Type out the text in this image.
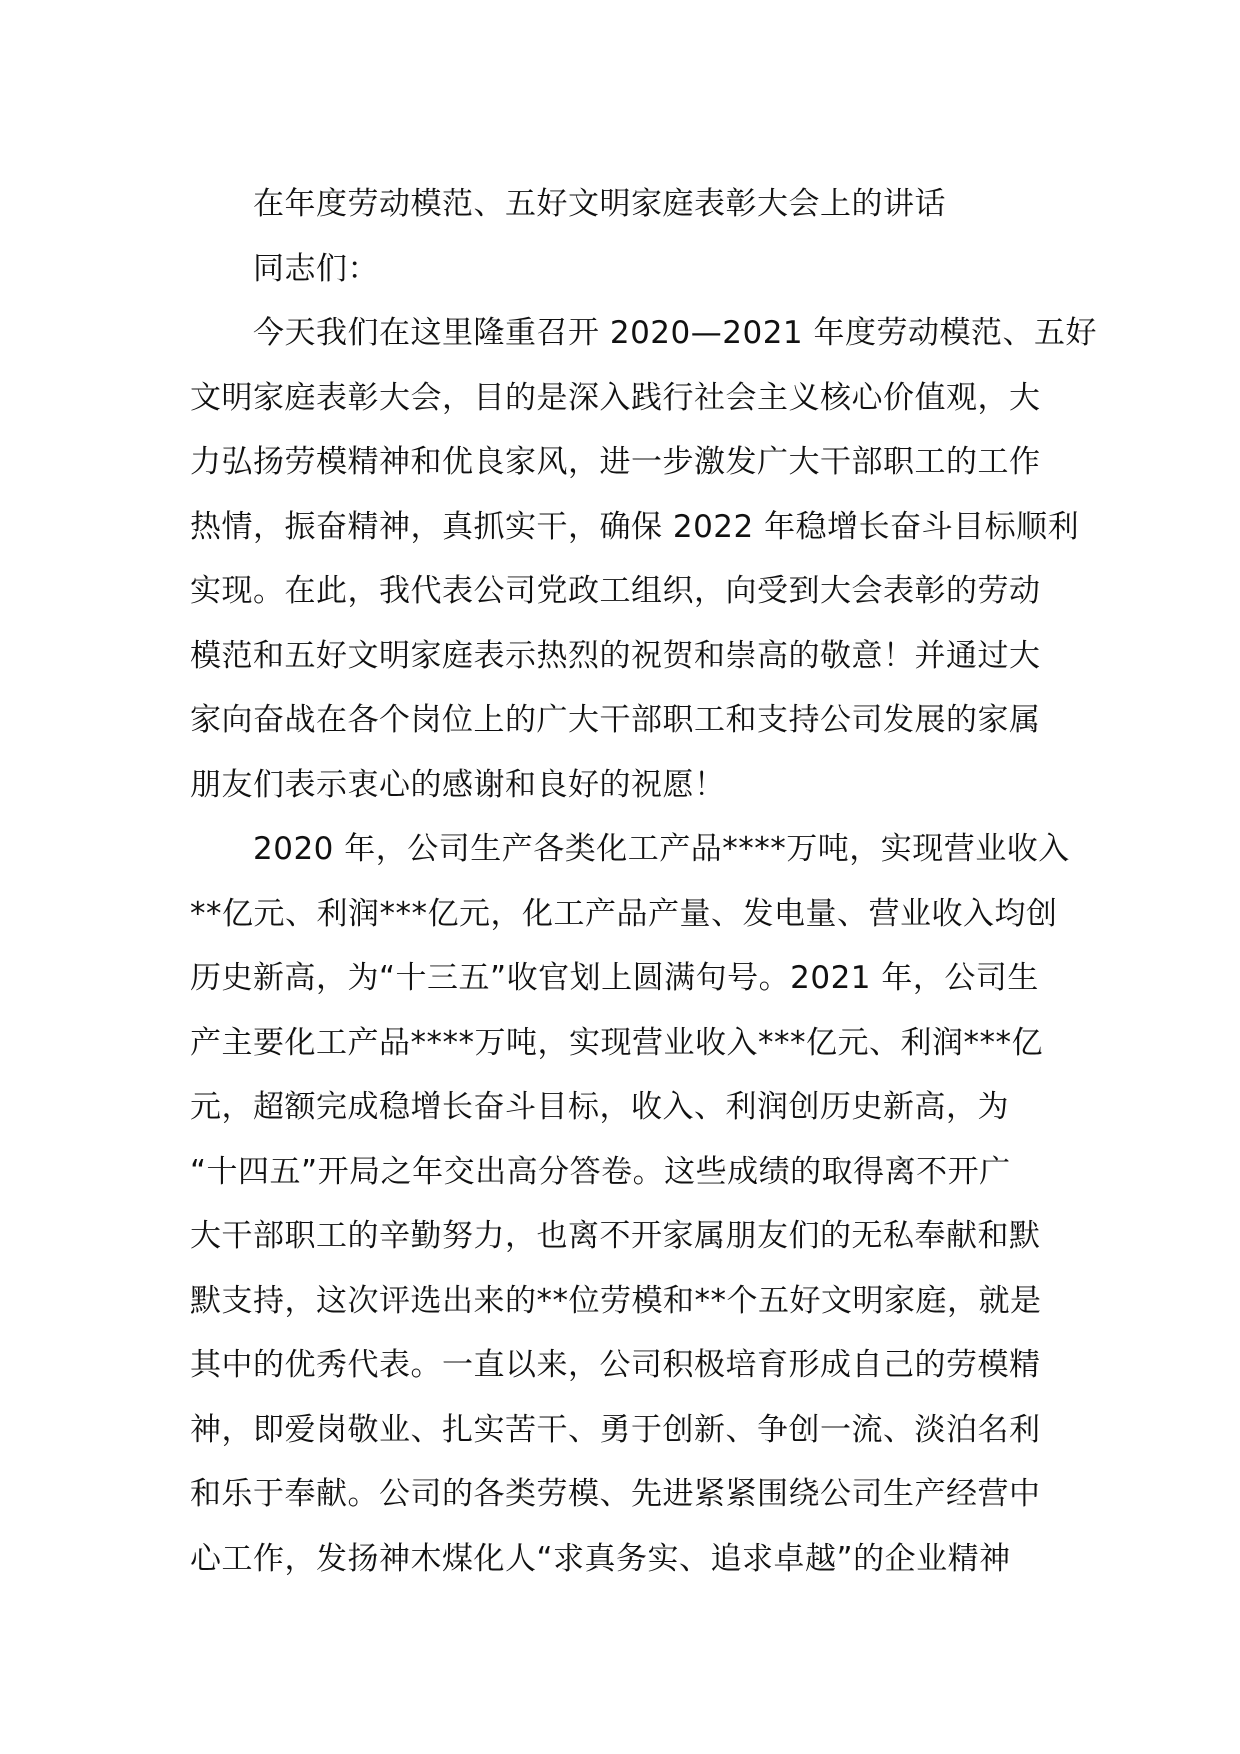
在年度劳动模范、五好文明家庭表彰大会上的讲话
同志们：
今天我们在这里隆重召开 2020—2021 年度劳动模范、五好
文明家庭表彰大会，目的是深入践行社会主义核心价值观，大
力弘扬劳模精神和优良家风，进一步激发广大干部职工的工作
热情，振奋精神，真抓实干，确保 2022 年稳增长奋斗目标顺利
实现。在此，我代表公司党政工组织，向受到大会表彰的劳动
模范和五好文明家庭表示热烈的祝贺和崇高的敬意！并通过大
家向奋战在各个岗位上的广大干部职工和支持公司发展的家属
朋友们表示衷心的感谢和良好的祝愿！
2020 年，公司生产各类化工产品****万吨，实现营业收入
**亿元、利润***亿元，化工产品产量、发电量、营业收入均创
历史新高，为“十三五”收官划上圆满句号。2021 年，公司生
产主要化工产品****万吨，实现营业收入***亿元、利润***亿
元，超额完成稳增长奋斗目标，收入、利润创历史新高，为
“十四五”开局之年交出高分答卷。这些成绩的取得离不开广
大干部职工的辛勤努力，也离不开家属朋友们的无私奉献和默
默支持，这次评选出来的**位劳模和**个五好文明家庭，就是
其中的优秀代表。一直以来，公司积极培育形成自己的劳模精
神，即爱岗敬业、扎实苦干、勇于创新、争创一流、淡泊名利
和乐于奉献。公司的各类劳模、先进紧紧围绕公司生产经营中
心工作，发扬神木煤化人“求真务实、追求卓越”的企业精神
